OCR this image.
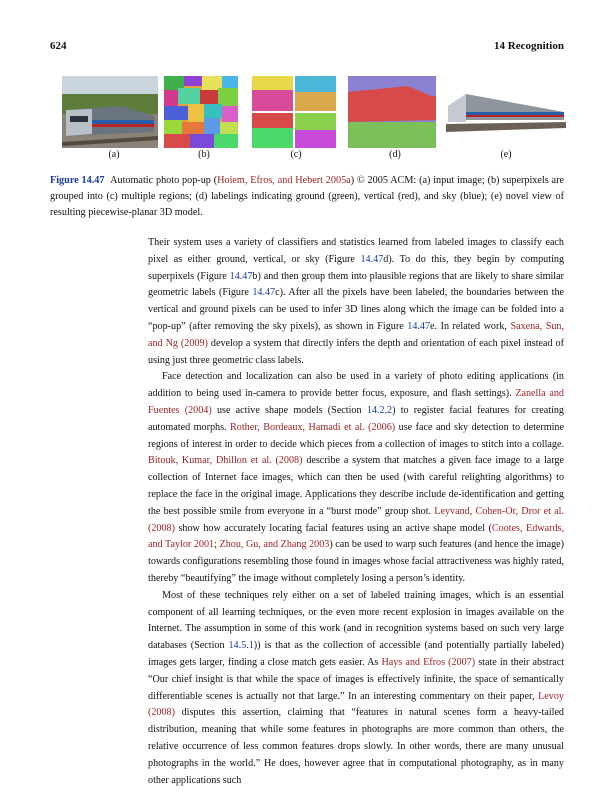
624	14 Recognition
(a)	(b)	(c)	(d)	(e)
Figure 14.47 Automatic photo pop-up (Hoiem, Efros, and Hebert 2005a) © 2005 ACM: (a) input image; (b) superpixels are grouped into (c) multiple regions; (d) labelings indicating ground (green), vertical (red), and sky (blue); (e) novel view of resulting piecewise-planar 3D model.

Their system uses a variety of classifiers and statistics learned from labeled images to classify each pixel as either ground, vertical, or sky (Figure 14.47d). To do this, they begin by computing superpixels (Figure 14.47b) and then group them into plausible regions that are likely to share similar geometric labels (Figure 14.47c). After all the pixels have been labeled, the boundaries between the vertical and ground pixels can be used to infer 3D lines along which the image can be folded into a “pop-up” (after removing the sky pixels), as shown in Figure 14.47e. In related work, Saxena, Sun, and Ng (2009) develop a system that directly infers the depth and orientation of each pixel instead of using just three geometric class labels.

Face detection and localization can also be used in a variety of photo editing applications (in addition to being used in-camera to provide better focus, exposure, and flash settings). Zanella and Fuentes (2004) use active shape models (Section 14.2.2) to register facial features for creating automated morphs. Rother, Bordeaux, Hamadi et al. (2006) use face and sky detection to determine regions of interest in order to decide which pieces from a collection of images to stitch into a collage. Bitouk, Kumar, Dhillon et al. (2008) describe a system that matches a given face image to a large collection of Internet face images, which can then be used (with careful relighting algorithms) to replace the face in the original image. Applications they describe include de-identification and getting the best possible smile from everyone in a “burst mode” group shot. Leyvand, Cohen-Or, Dror et al. (2008) show how accurately locating facial features using an active shape model (Cootes, Edwards, and Taylor 2001; Zhou, Gu, and Zhang 2003) can be used to warp such features (and hence the image) towards configurations resembling those found in images whose facial attractiveness was highly rated, thereby “beautifying” the image without completely losing a person’s identity.

Most of these techniques rely either on a set of labeled training images, which is an essential component of all learning techniques, or the even more recent explosion in images available on the Internet. The assumption in some of this work (and in recognition systems based on such very large databases (Section 14.5.1)) is that as the collection of accessible (and potentially partially labeled) images gets larger, finding a close match gets easier. As Hays and Efros (2007) state in their abstract “Our chief insight is that while the space of images is effectively infinite, the space of semantically differentiable scenes is actually not that large.” In an interesting commentary on their paper, Levoy (2008) disputes this assertion, claiming that “features in natural scenes form a heavy-tailed distribution, meaning that while some features in photographs are more common than others, the relative occurrence of less common features drops slowly. In other words, there are many unusual photographs in the world.” He does, however agree that in computational photography, as in many other applications such
